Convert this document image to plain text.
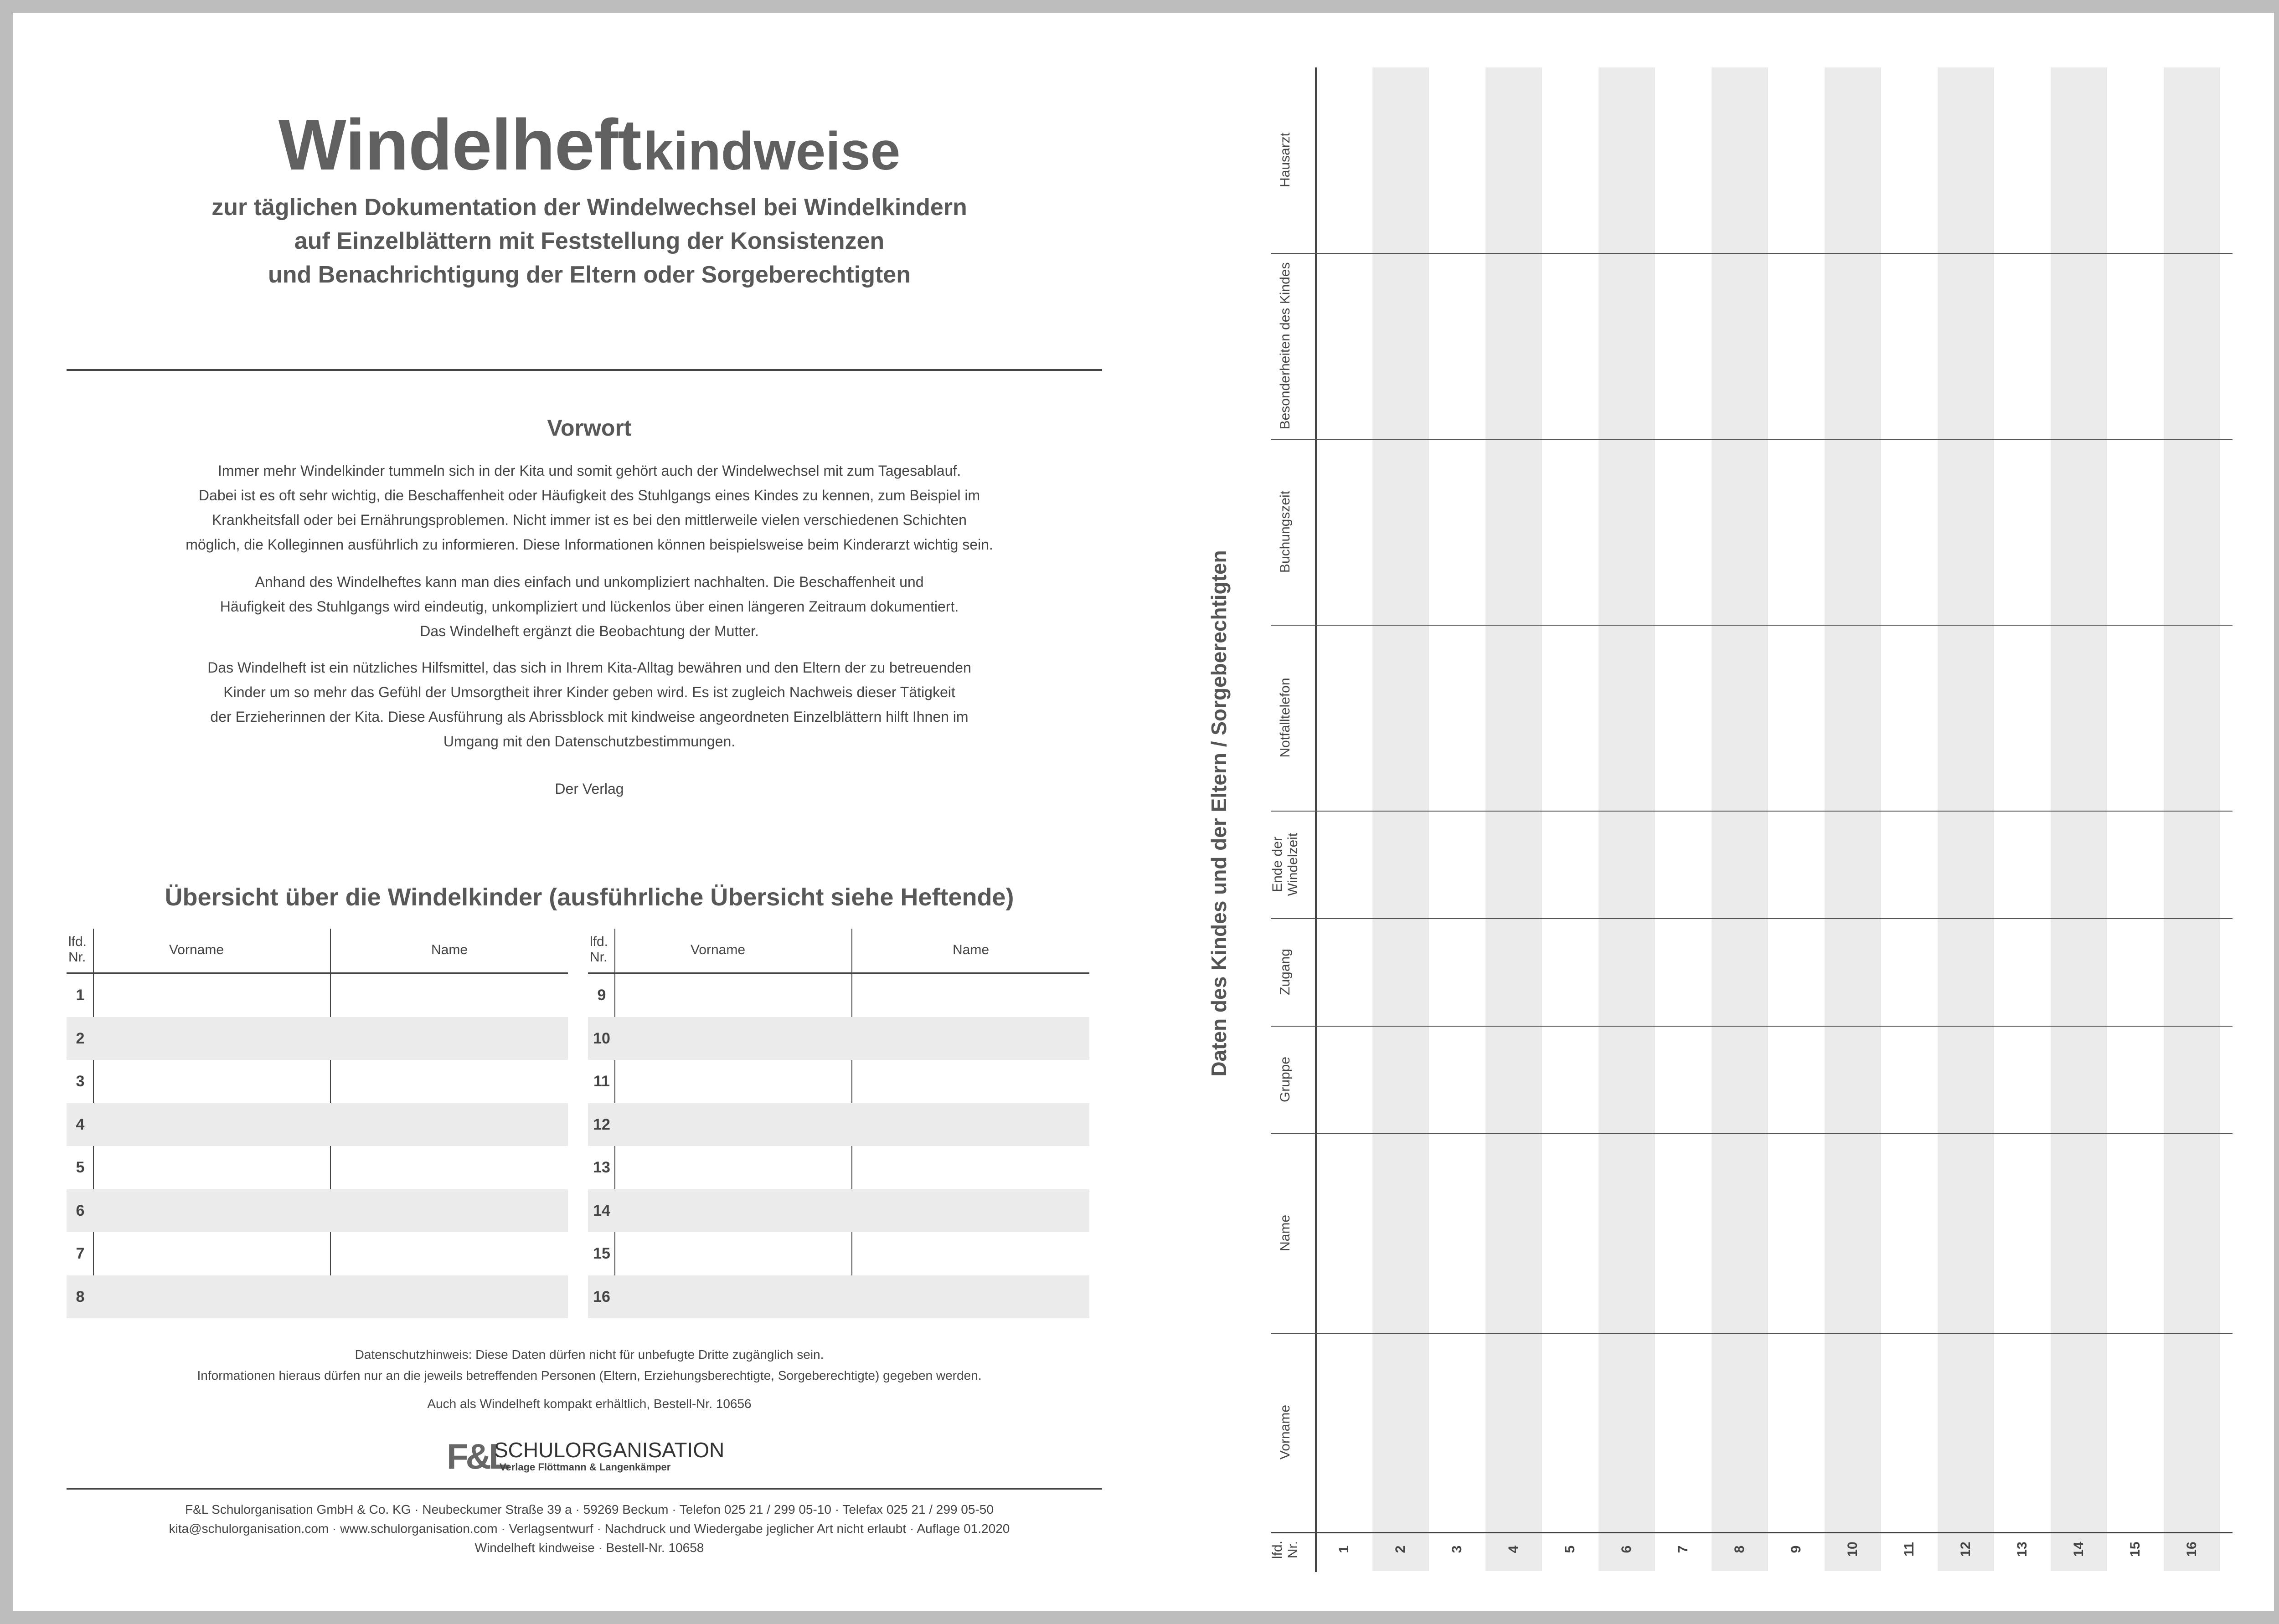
Windelheft kindweise
zur täglichen Dokumentation der Windelwechsel bei Windelkindern
auf Einzelblättern mit Feststellung der Konsistenzen
und Benachrichtigung der Eltern oder Sorgeberechtigten
Vorwort
Immer mehr Windelkinder tummeln sich in der Kita und somit gehört auch der Windelwechsel mit zum Tagesablauf.
Dabei ist es oft sehr wichtig, die Beschaffenheit oder Häufigkeit des Stuhlgangs eines Kindes zu kennen, zum Beispiel im
Krankheitsfall oder bei Ernährungsproblemen. Nicht immer ist es bei den mittlerweile vielen verschiedenen Schichten
möglich, die Kolleginnen ausführlich zu informieren. Diese Informationen können beispielsweise beim Kinderarzt wichtig sein.
Anhand des Windelheftes kann man dies einfach und unkompliziert nachhalten. Die Beschaffenheit und
Häufigkeit des Stuhlgangs wird eindeutig, unkompliziert und lückenlos über einen längeren Zeitraum dokumentiert.
Das Windelheft ergänzt die Beobachtung der Mutter.
Das Windelheft ist ein nützliches Hilfsmittel, das sich in Ihrem Kita-Alltag bewähren und den Eltern der zu betreuenden
Kinder um so mehr das Gefühl der Umsorgtheit ihrer Kinder geben wird. Es ist zugleich Nachweis dieser Tätigkeit
der Erzieherinnen der Kita. Diese Ausführung als Abrissblock mit kindweise angeordneten Einzelblättern hilft Ihnen im
Umgang mit den Datenschutzbestimmungen.
Der Verlag
Übersicht über die Windelkinder (ausführliche Übersicht siehe Heftende)
lfd.
Nr.	Vorname	Name
1
2
3
4
5
6
7
8
lfd.
Nr.	Vorname	Name
9
10
11
12
13
14
15
16
Datenschutzhinweis: Diese Daten dürfen nicht für unbefugte Dritte zugänglich sein.
Informationen hieraus dürfen nur an die jeweils betreffenden Personen (Eltern, Erziehungsberechtigte, Sorgeberechtigte) gegeben werden.
Auch als Windelheft kompakt erhältlich, Bestell-Nr. 10656
F&L
SCHULORGANISATION
Verlage Flöttmann & Langenkämper
F&L Schulorganisation GmbH & Co. KG · Neubeckumer Straße 39 a · 59269 Beckum · Telefon 025 21 / 299 05-10 · Telefax 025 21 / 299 05-50
kita@schulorganisation.com · www.schulorganisation.com · Verlagsentwurf · Nachdruck und Wiedergabe jeglicher Art nicht erlaubt · Auflage 01.2020
Windelheft kindweise · Bestell-Nr. 10658
Daten des Kindes und der Eltern / Sorgeberechtigten
Hausarzt
Besonderheiten des Kindes
Buchungszeit
Notfalltelefon
Ende der Windelzeit
Zugang
Gruppe
Name
Vorname
lfd. Nr.	1	2	3	4	5	6	7	8	9	10	11	12	13	14	15	16
